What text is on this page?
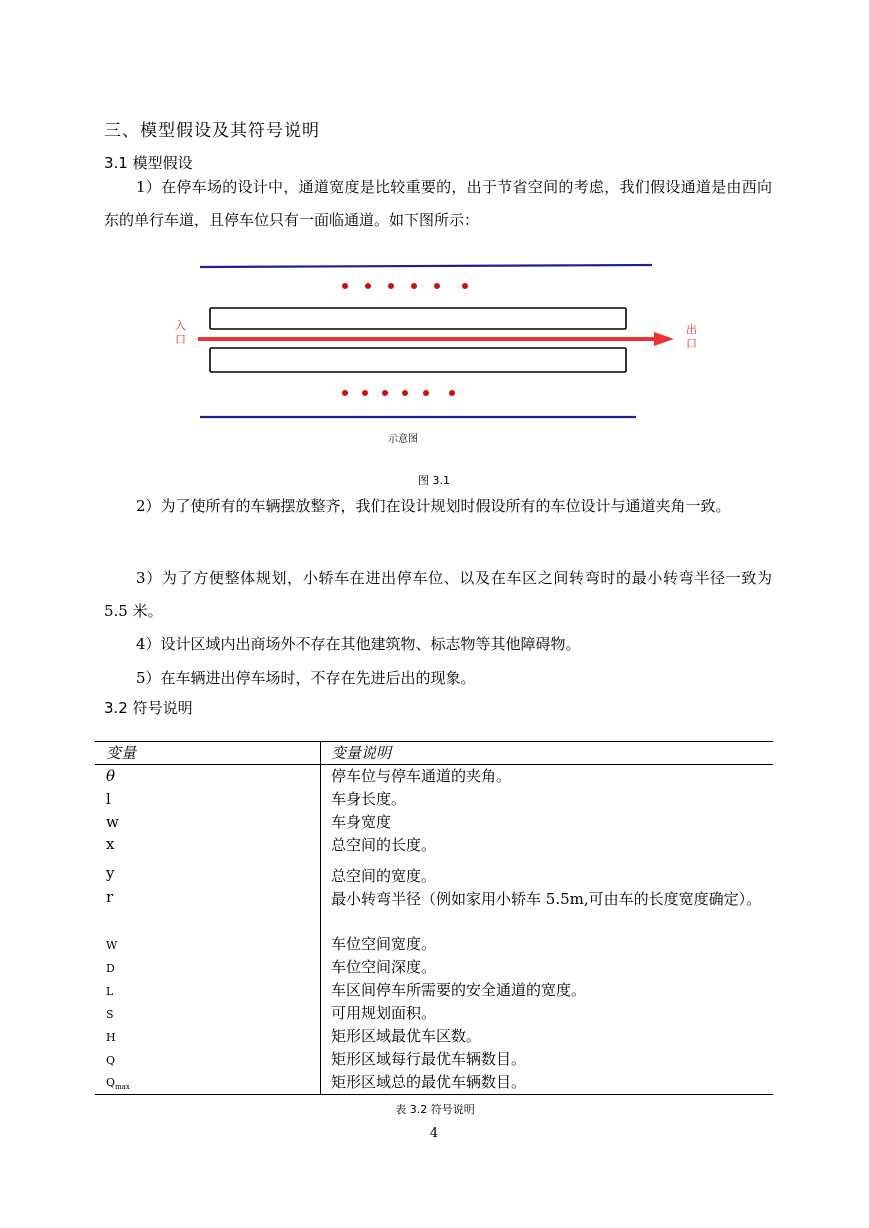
三、模型假设及其符号说明
3.1 模型假设
1）在停车场的设计中，通道宽度是比较重要的，出于节省空间的考虑，我们假设通道是由西向东的单行车道，且停车位只有一面临通道。如下图所示：
入
口
出
口
示意图
图 3.1
2）为了使所有的车辆摆放整齐，我们在设计规划时假设所有的车位设计与通道夹角一致。
3）为了方便整体规划，小轿车在进出停车位、以及在车区之间转弯时的最小转弯半径一致为 5.5 米。
4）设计区域内出商场外不存在其他建筑物、标志物等其他障碍物。
5）在车辆进出停车场时，不存在先进后出的现象。
3.2 符号说明
变量	变量说明
θ	停车位与停车通道的夹角。
l	车身长度。
w	车身宽度
x	总空间的长度。
y	总空间的宽度。
r	最小转弯半径（例如家用小轿车 5.5m,可由车的长度宽度确定）。
W	车位空间宽度。
D	车位空间深度。
L	车区间停车所需要的安全通道的宽度。
S	可用规划面积。
H	矩形区域最优车区数。
Q	矩形区域每行最优车辆数目。
$Q_{max}$	矩形区域总的最优车辆数目。
表 3.2 符号说明
4
